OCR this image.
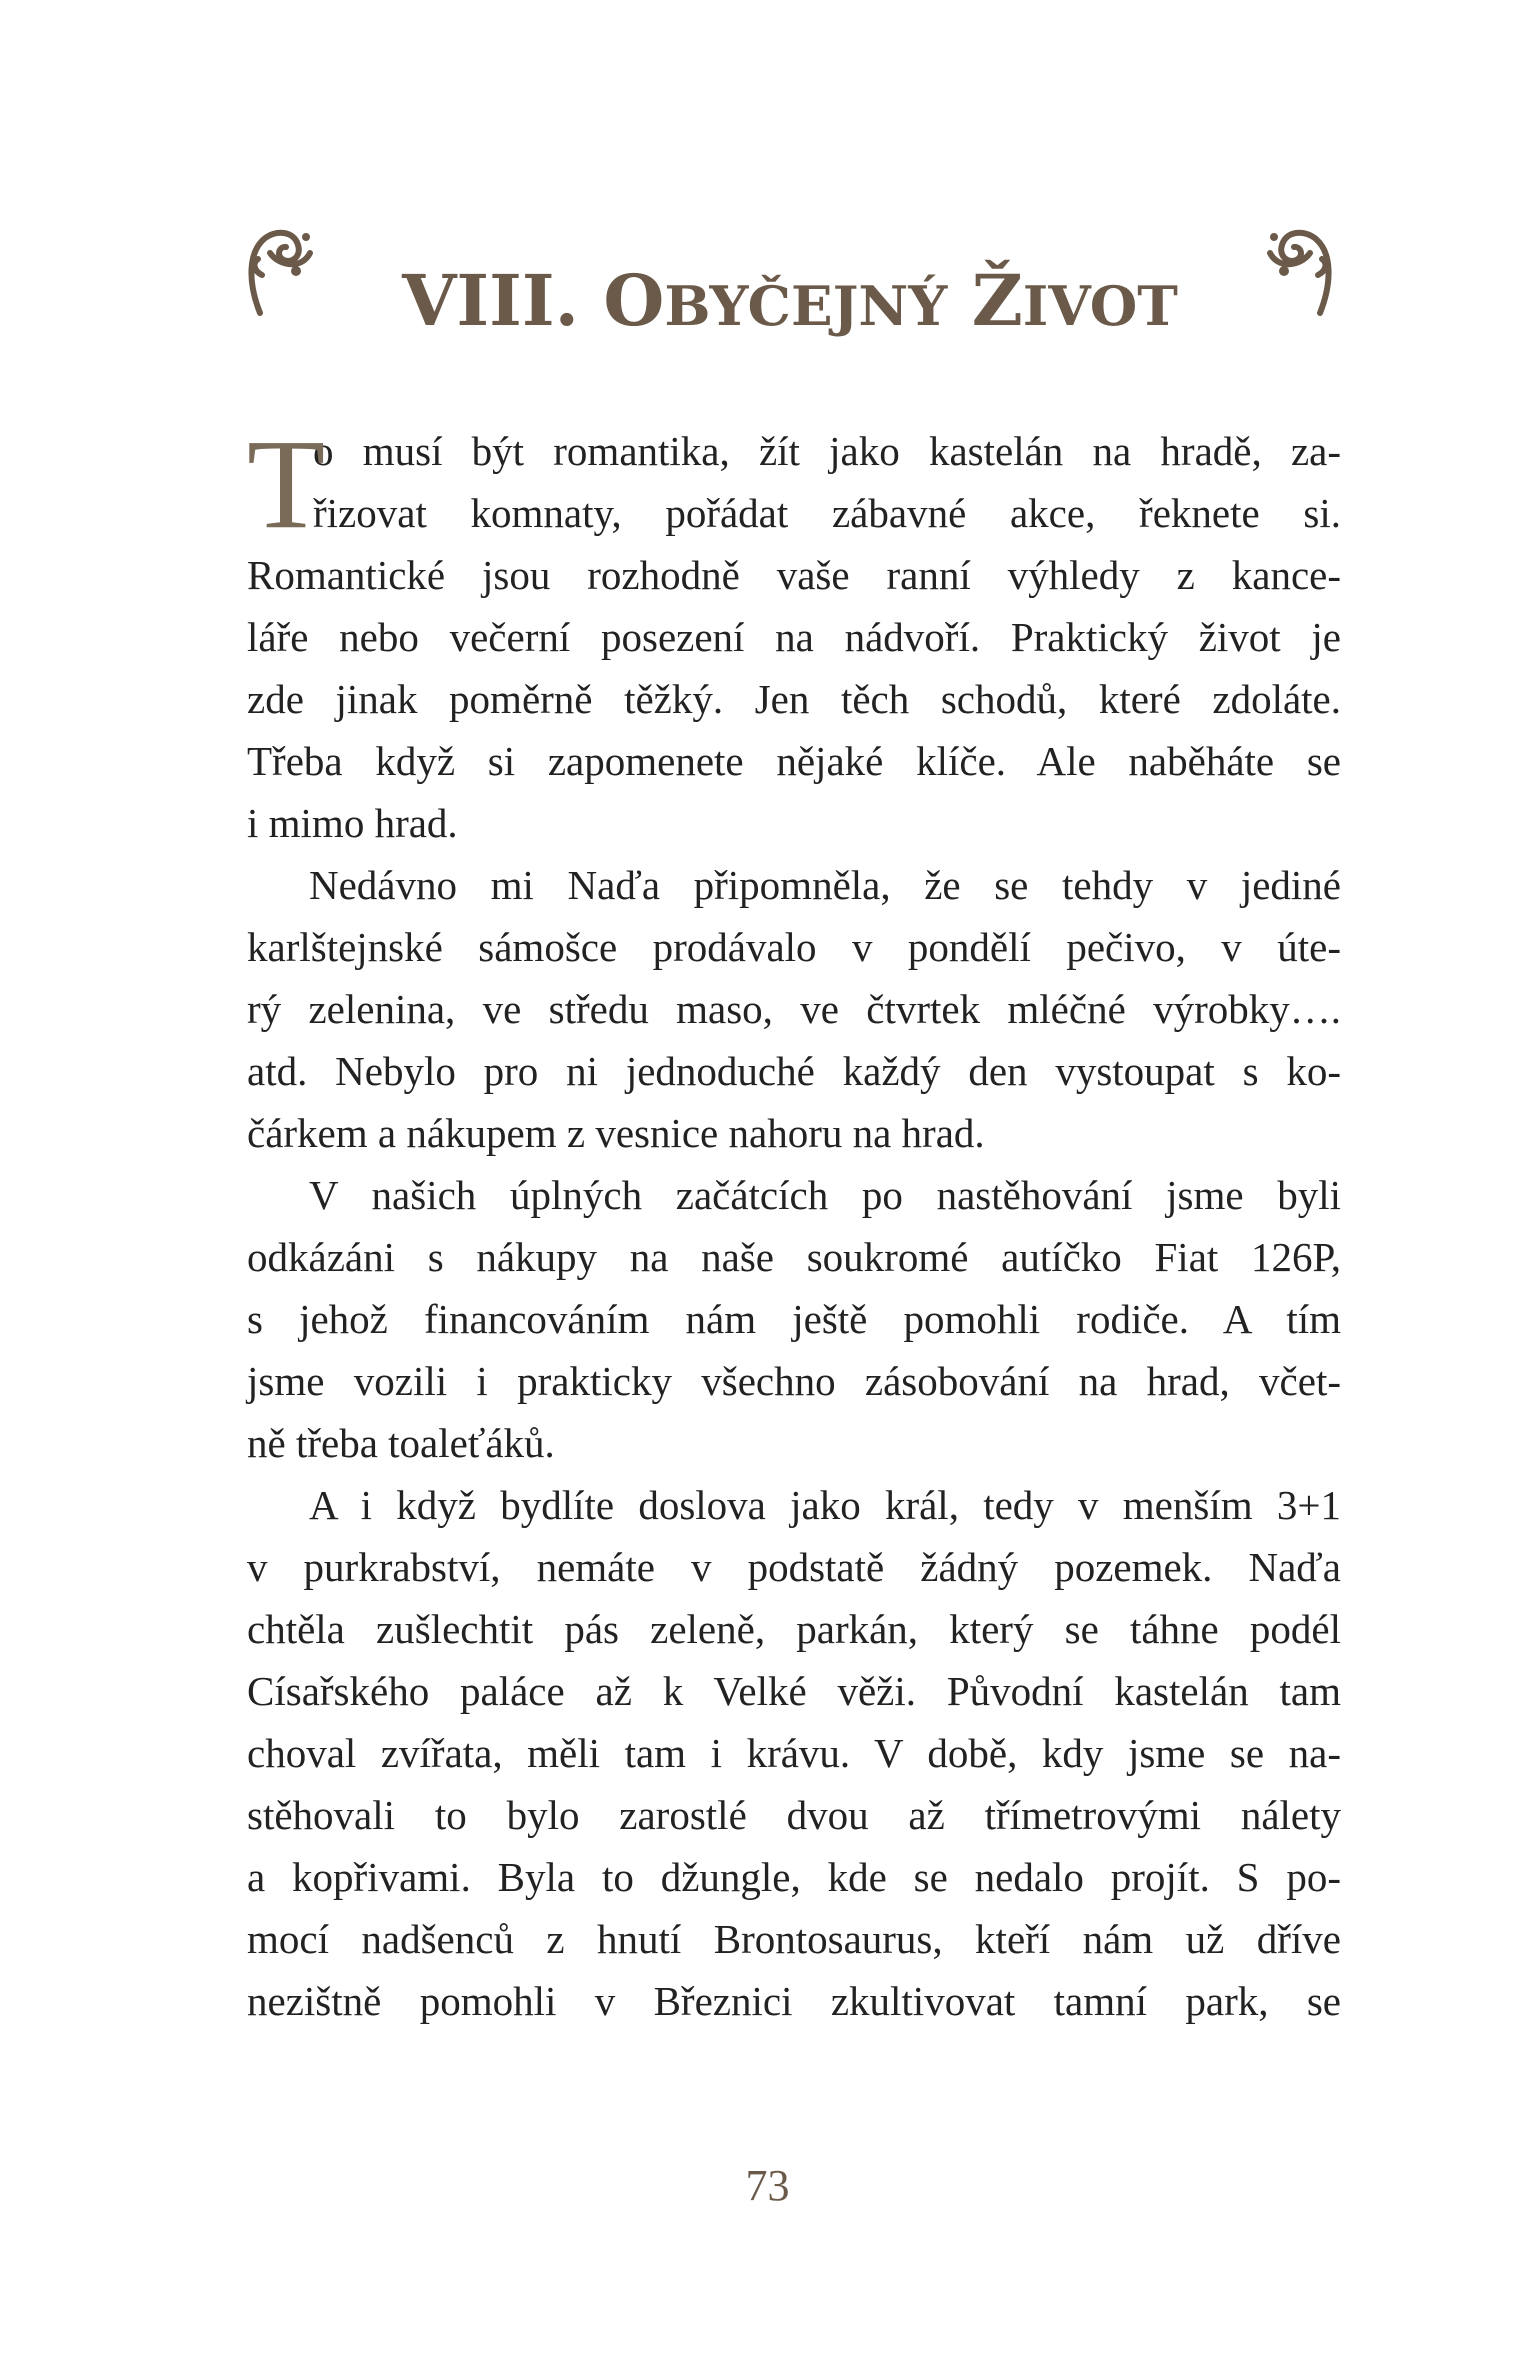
VIII. OBYČEJNÝ ŽIVOT
T
o musí být romantika, žít jako kastelán na hradě, za-
řizovat komnaty, pořádat zábavné akce, řeknete si.
Romantické jsou rozhodně vaše ranní výhledy z kance-
láře nebo večerní posezení na nádvoří. Praktický život je
zde jinak poměrně těžký. Jen těch schodů, které zdoláte.
Třeba když si zapomenete nějaké klíče. Ale naběháte se
i mimo hrad.
Nedávno mi Naďa připomněla, že se tehdy v jediné
karlštejnské sámošce prodávalo v pondělí pečivo, v úte-
rý zelenina, ve středu maso, ve čtvrtek mléčné výrobky….
atd. Nebylo pro ni jednoduché každý den vystoupat s ko-
čárkem a nákupem z vesnice nahoru na hrad.
V našich úplných začátcích po nastěhování jsme byli
odkázáni s nákupy na naše soukromé autíčko Fiat 126P,
s jehož financováním nám ještě pomohli rodiče. A tím
jsme vozili i prakticky všechno zásobování na hrad, včet-
ně třeba toaleťáků.
A i když bydlíte doslova jako král, tedy v menším 3+1
v purkrabství, nemáte v podstatě žádný pozemek. Naďa
chtěla zušlechtit pás zeleně, parkán, který se táhne podél
Císařského paláce až k Velké věži. Původní kastelán tam
choval zvířata, měli tam i krávu. V době, kdy jsme se na-
stěhovali to bylo zarostlé dvou až třímetrovými nálety
a kopřivami. Byla to džungle, kde se nedalo projít. S po-
mocí nadšenců z hnutí Brontosaurus, kteří nám už dříve
nezištně pomohli v Březnici zkultivovat tamní park, se
73
